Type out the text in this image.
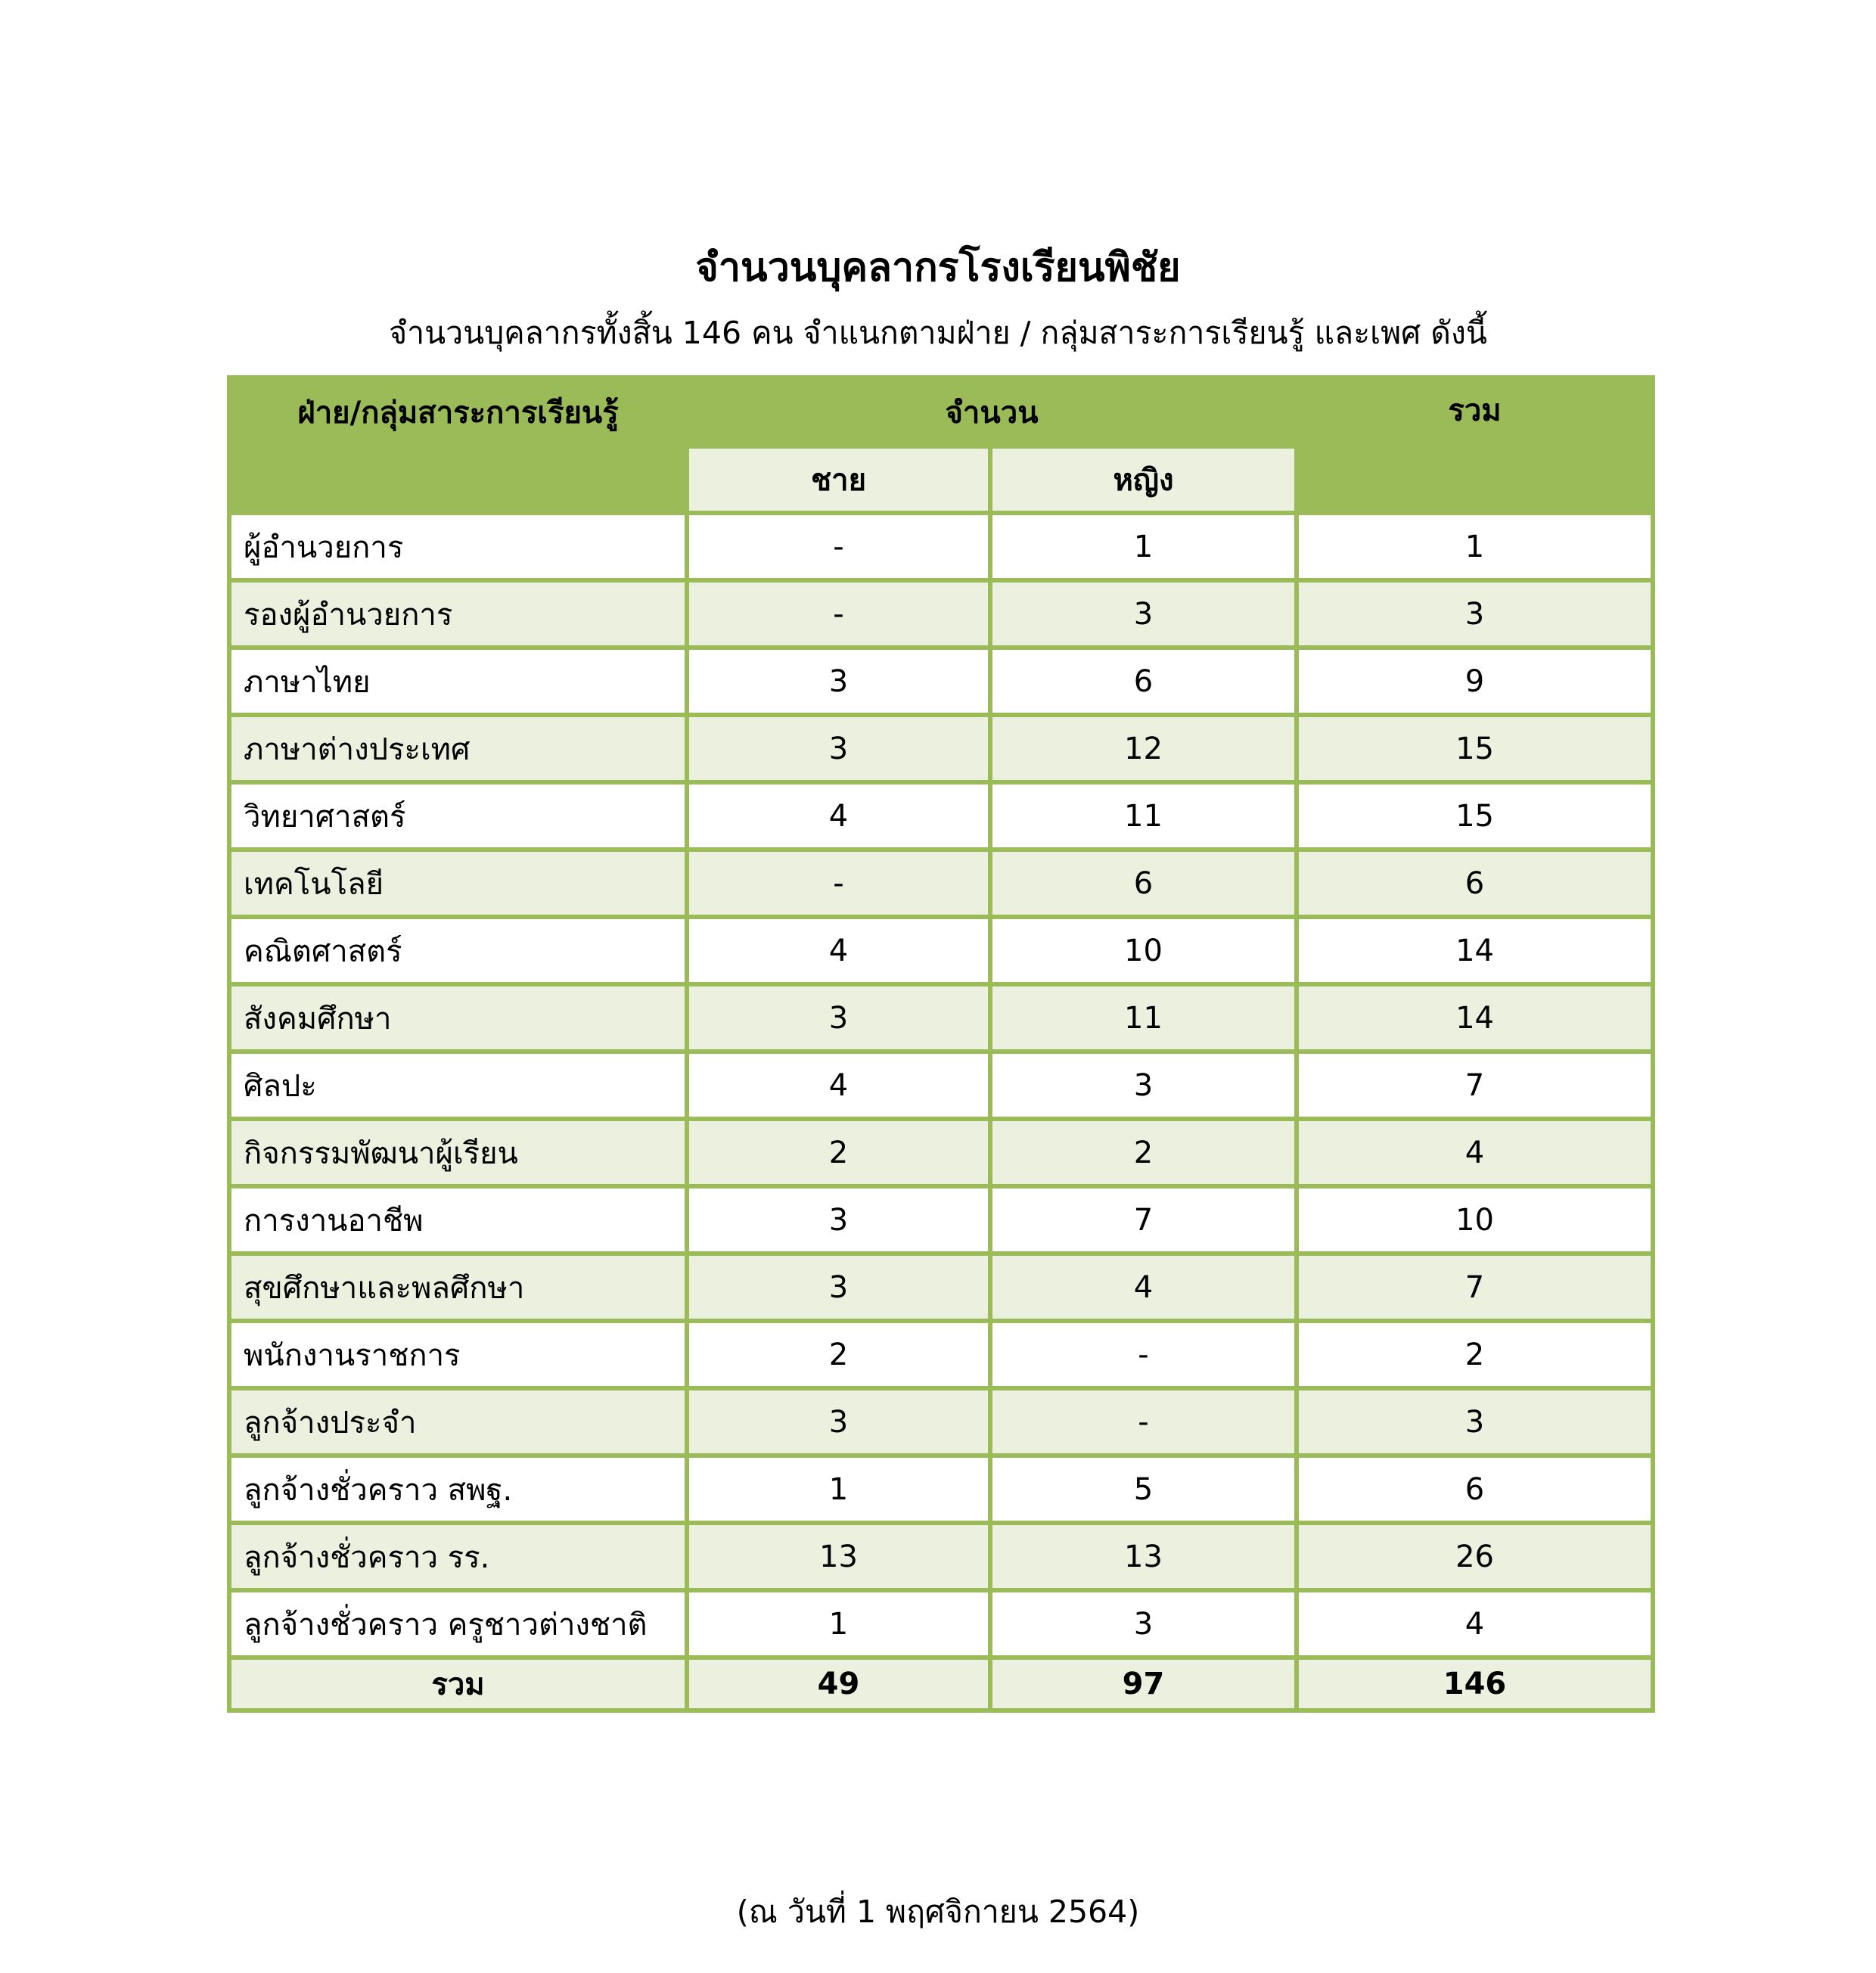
จำนวนบุคลากรโรงเรียนพิชัย
จำนวนบุคลากรทั้งสิ้น 146 คน จำแนกตามฝ่าย / กลุ่มสาระการเรียนรู้ และเพศ ดังนี้
ฝ่าย/กลุ่มสาระการเรียนรู้	จำนวน		รวม
	ชาย	หญิง	
ผู้อำนวยการ	-	1	1
รองผู้อำนวยการ	-	3	3
ภาษาไทย	3	6	9
ภาษาต่างประเทศ	3	12	15
วิทยาศาสตร์	4	11	15
เทคโนโลยี	-	6	6
คณิตศาสตร์	4	10	14
สังคมศึกษา	3	11	14
ศิลปะ	4	3	7
กิจกรรมพัฒนาผู้เรียน	2	2	4
การงานอาชีพ	3	7	10
สุขศึกษาและพลศึกษา	3	4	7
พนักงานราชการ	2	-	2
ลูกจ้างประจำ	3	-	3
ลูกจ้างชั่วคราว สพฐ.	1	5	6
ลูกจ้างชั่วคราว รร.	13	13	26
ลูกจ้างชั่วคราว ครูชาวต่างชาติ	1	3	4
รวม	49	97	146
(ณ วันที่ 1 พฤศจิกายน 2564)
